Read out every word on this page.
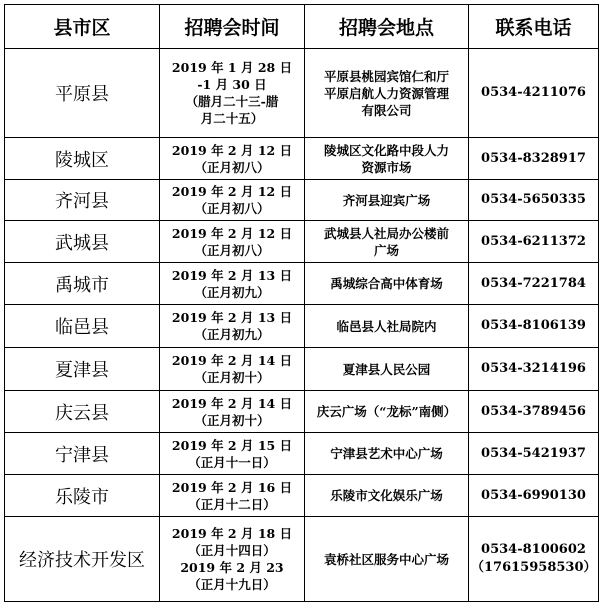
县市区	招聘会时间	招聘会地点	联系电话
平原县	2019 年 1 月 28 日
-1 月 30 日
（腊月二十三-腊
月二十五）	平原县桃园宾馆仁和厅
平原启航人力资源管理
有限公司	0534-4211076

陵城区	2019 年 2 月 12 日
（正月初八）	陵城区文化路中段人力
资源市场	0534-8328917

齐河县	2019 年 2 月 12 日
（正月初八）	齐河县迎宾广场	0534-5650335

武城县	2019 年 2 月 12 日
（正月初八）	武城县人社局办公楼前
广场	0534-6211372

禹城市	2019 年 2 月 13 日
（正月初九）	禹城综合高中体育场	0534-7221784

临邑县	2019 年 2 月 13 日
（正月初九）	临邑县人社局院内	0534-8106139

夏津县	2019 年 2 月 14 日
（正月初十）	夏津县人民公园	0534-3214196

庆云县	2019 年 2 月 14 日
（正月初十）	庆云广场（“龙标”南侧）	0534-3789456

宁津县	2019 年 2 月 15 日
（正月十一日）	宁津县艺术中心广场	0534-5421937

乐陵市	2019 年 2 月 16 日
（正月十二日）	乐陵市文化娱乐广场	0534-6990130

经济技术开发区	2019 年 2 月 18 日
（正月十四日）
2019 年 2 月 23
（正月十九日）	袁桥社区服务中心广场	0534-8100602
（17615958530）
